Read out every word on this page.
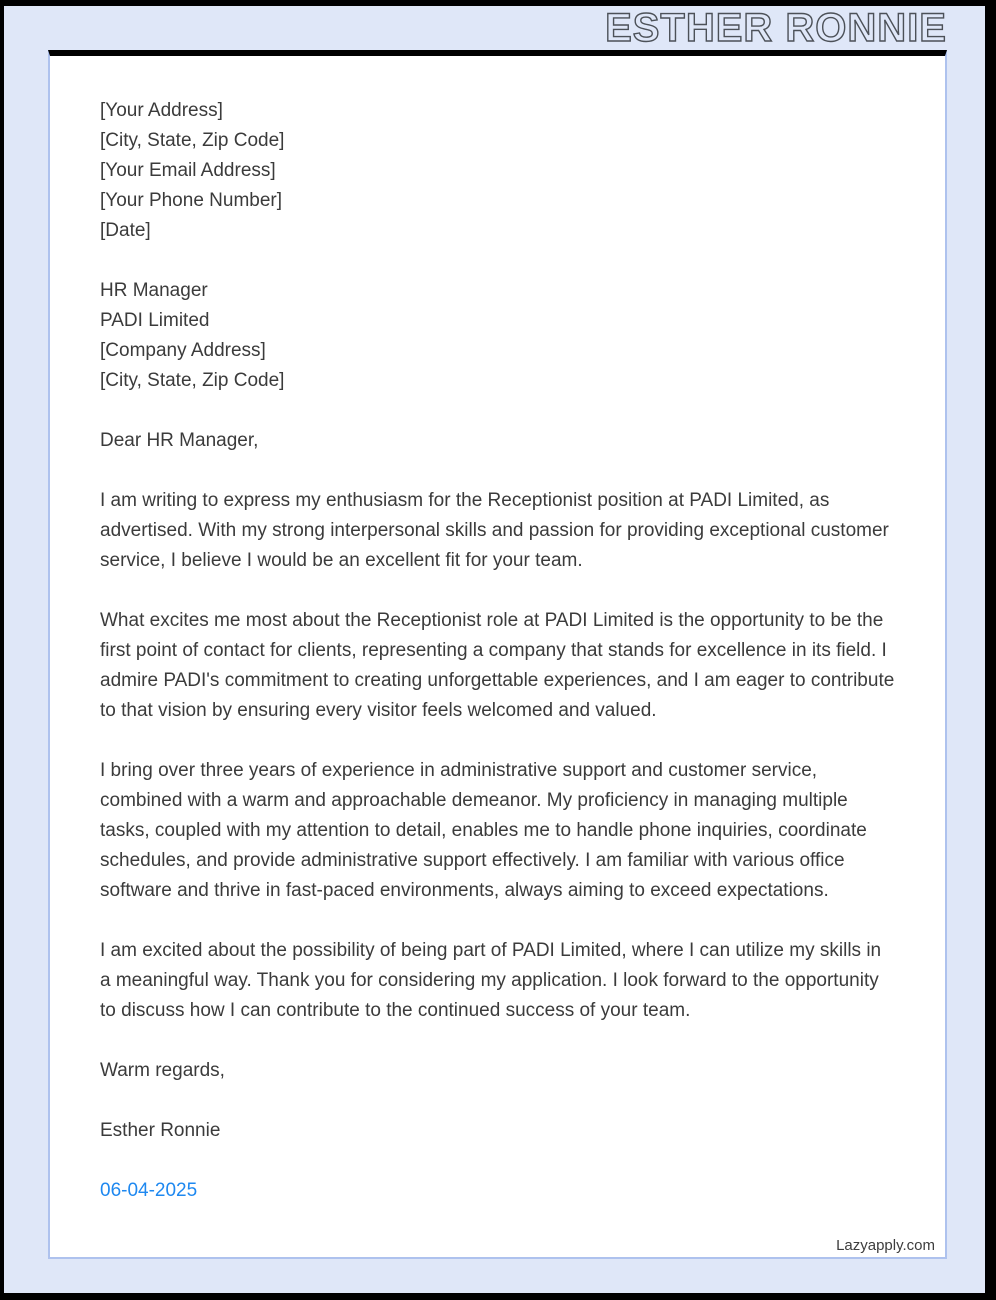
ESTHER RONNIE
[Your Address]
[City, State, Zip Code]
[Your Email Address]
[Your Phone Number]
[Date]
HR Manager
PADI Limited
[Company Address]
[City, State, Zip Code]

Dear HR Manager,

I am writing to express my enthusiasm for the Receptionist position at PADI Limited, as advertised. With my strong interpersonal skills and passion for providing exceptional customer service, I believe I would be an excellent fit for your team.

What excites me most about the Receptionist role at PADI Limited is the opportunity to be the first point of contact for clients, representing a company that stands for excellence in its field. I admire PADI's commitment to creating unforgettable experiences, and I am eager to contribute to that vision by ensuring every visitor feels welcomed and valued.

I bring over three years of experience in administrative support and customer service, combined with a warm and approachable demeanor. My proficiency in managing multiple tasks, coupled with my attention to detail, enables me to handle phone inquiries, coordinate schedules, and provide administrative support effectively. I am familiar with various office software and thrive in fast-paced environments, always aiming to exceed expectations.

I am excited about the possibility of being part of PADI Limited, where I can utilize my skills in a meaningful way. Thank you for considering my application. I look forward to the opportunity to discuss how I can contribute to the continued success of your team.

Warm regards,

Esther Ronnie

06-04-2025

Lazyapply.com
